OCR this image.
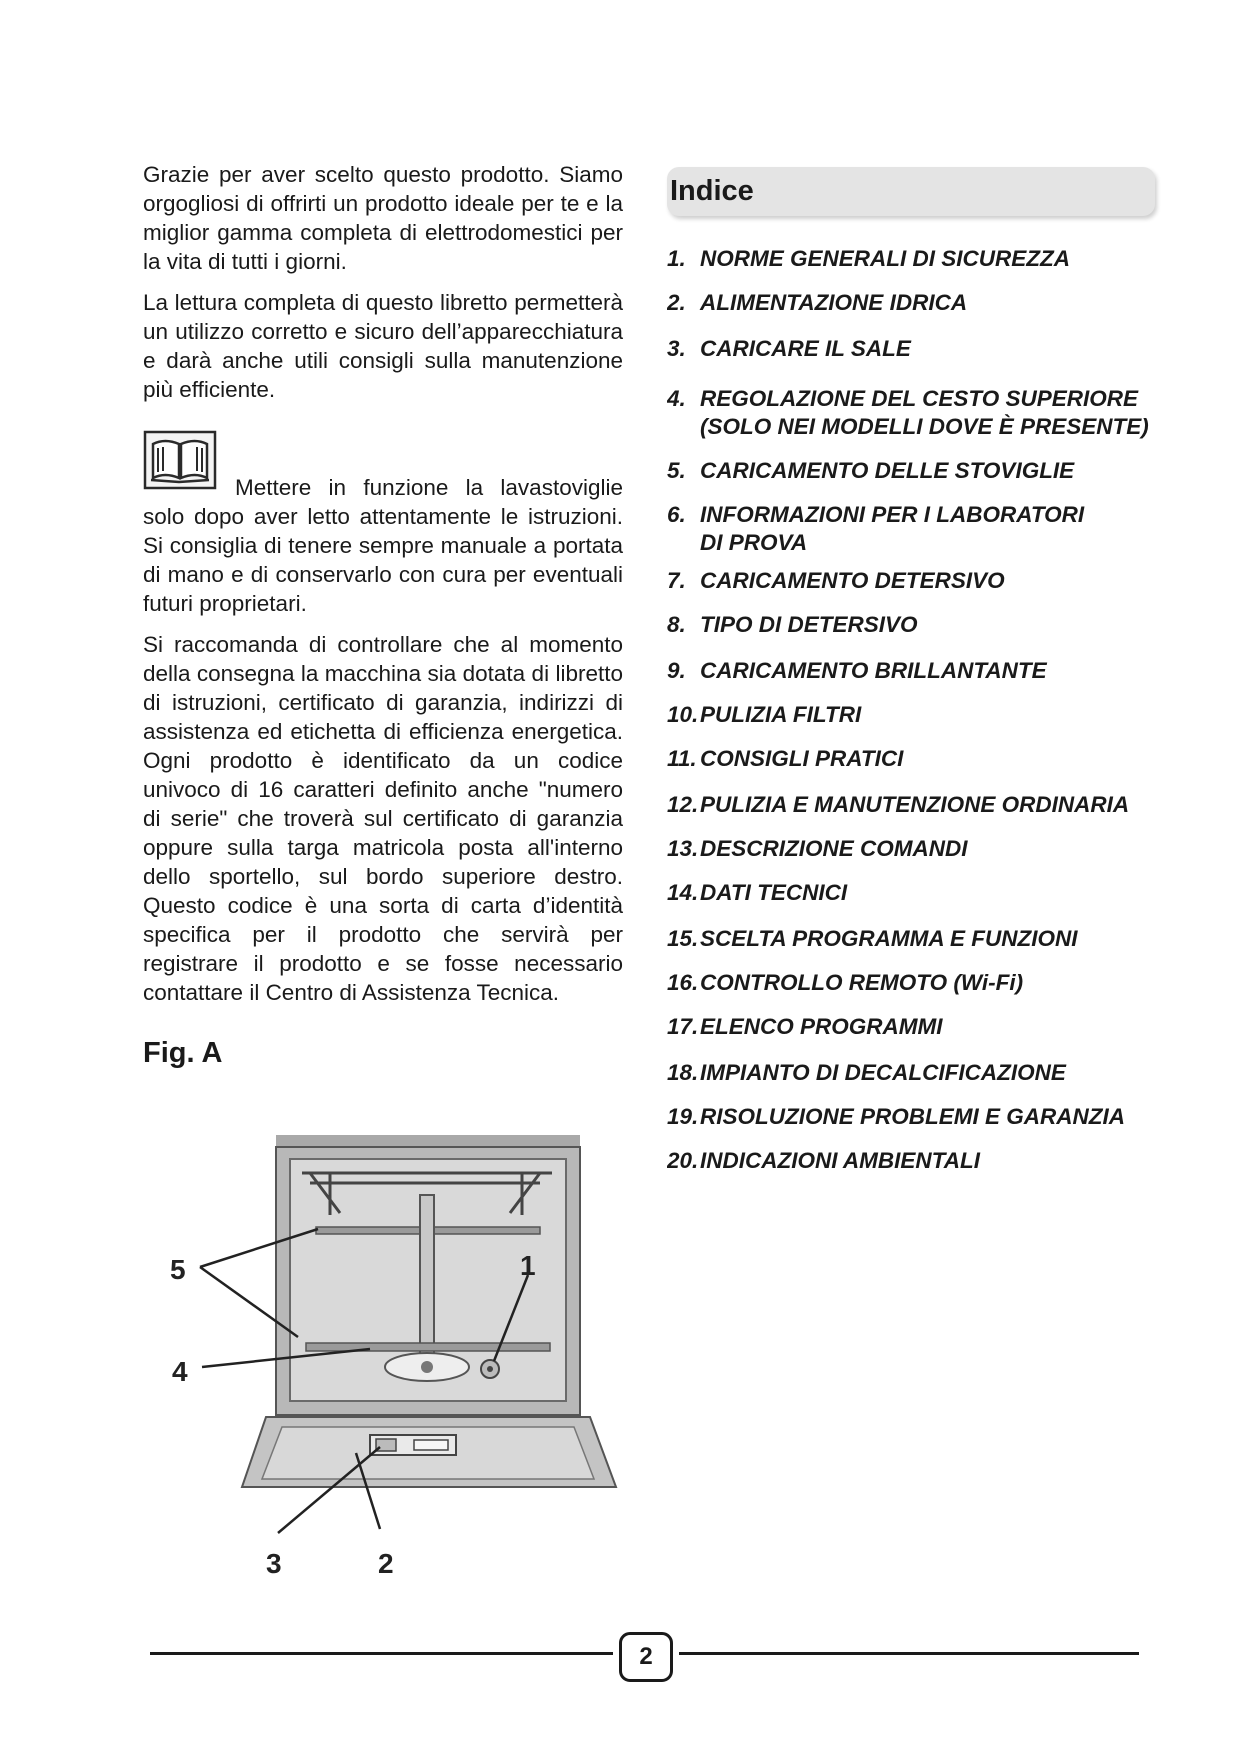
Grazie per aver scelto questo prodotto. Siamo orgogliosi di offrirti un prodotto ideale per te e la miglior gamma completa di elettrodomestici per la vita di tutti i giorni.

La lettura completa di questo libretto permetterà un utilizzo corretto e sicuro dell’apparecchiatura e darà anche utili consigli sulla manutenzione più efficiente.

Mettere in funzione la lavastoviglie solo dopo aver letto attentamente le istruzioni. Si consiglia di tenere sempre manuale a portata di mano e di conservarlo con cura per eventuali futuri proprietari.

Si raccomanda di controllare che al momento della consegna la macchina sia dotata di libretto di istruzioni, certificato di garanzia, indirizzi di assistenza ed etichetta di efficienza energetica. Ogni prodotto è identificato da un codice univoco di 16 caratteri definito anche "numero di serie" che troverà sul certificato di garanzia oppure sulla targa matricola posta all'interno dello sportello, sul bordo superiore destro. Questo codice è una sorta di carta d’identità specifica per il prodotto che servirà per registrare il prodotto e se fosse necessario contattare il Centro di Assistenza Tecnica.

Fig. A

5	1
4
3	2
Indice
1. NORME GENERALI DI SICUREZZA
2. ALIMENTAZIONE IDRICA
3. CARICARE IL SALE
4. REGOLAZIONE DEL CESTO SUPERIORE
(SOLO NEI MODELLI DOVE È PRESENTE)
5. CARICAMENTO DELLE STOVIGLIE
6. INFORMAZIONI PER I LABORATORI
DI PROVA
7. CARICAMENTO DETERSIVO
8. TIPO DI DETERSIVO
9. CARICAMENTO BRILLANTANTE
10.PULIZIA FILTRI
11. CONSIGLI PRATICI
12.PULIZIA E MANUTENZIONE ORDINARIA
13.DESCRIZIONE COMANDI
14.DATI TECNICI
15.SCELTA PROGRAMMA E FUNZIONI
16.CONTROLLO REMOTO (Wi-Fi)
17.ELENCO PROGRAMMI
18.IMPIANTO DI DECALCIFICAZIONE
19.RISOLUZIONE PROBLEMI E GARANZIA
20.INDICAZIONI AMBIENTALI
2
